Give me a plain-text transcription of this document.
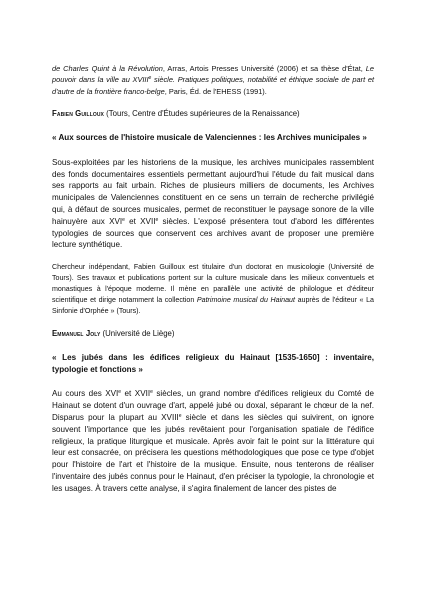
de Charles Quint à la Révolution, Arras, Artois Presses Université (2006) et sa thèse d'État, Le pouvoir dans la ville au XVIIIe siècle. Pratiques politiques, notabilité et éthique sociale de part et d'autre de la frontière franco-belge, Paris, Éd. de l'EHESS (1991).

Fabien Guilloux (Tours, Centre d'Études supérieures de la Renaissance)

« Aux sources de l'histoire musicale de Valenciennes : les Archives municipales »

Sous-exploitées par les historiens de la musique, les archives municipales rassemblent des fonds documentaires essentiels permettant aujourd'hui l'étude du fait musical dans ses rapports au fait urbain. Riches de plusieurs milliers de documents, les Archives municipales de Valenciennes constituent en ce sens un terrain de recherche privilégié qui, à défaut de sources musicales, permet de reconstituer le paysage sonore de la ville hainuyère aux XVIe et XVIIe siècles. L'exposé présentera tout d'abord les différentes typologies de sources que conservent ces archives avant de proposer une première lecture synthétique.

Chercheur indépendant, Fabien Guilloux est titulaire d'un doctorat en musicologie (Université de Tours). Ses travaux et publications portent sur la culture musicale dans les milieux conventuels et monastiques à l'époque moderne. Il mène en parallèle une activité de philologue et d'éditeur scientifique et dirige notamment la collection Patrimoine musical du Hainaut auprès de l'éditeur « La Sinfonie d'Orphée » (Tours).

Emmanuel Joly (Université de Liège)

« Les jubés dans les édifices religieux du Hainaut [1535-1650] : inventaire, typologie et fonctions »

Au cours des XVIe et XVIIe siècles, un grand nombre d'édifices religieux du Comté de Hainaut se dotent d'un ouvrage d'art, appelé jubé ou doxal, séparant le chœur de la nef. Disparus pour la plupart au XVIIIe siècle et dans les siècles qui suivirent, on ignore souvent l'importance que les jubés revêtaient pour l'organisation spatiale de l'édifice religieux, la pratique liturgique et musicale. Après avoir fait le point sur la littérature qui leur est consacrée, on précisera les questions méthodologiques que pose ce type d'objet pour l'histoire de l'art et l'histoire de la musique. Ensuite, nous tenterons de réaliser l'inventaire des jubés connus pour le Hainaut, d'en préciser la typologie, la chronologie et les usages. À travers cette analyse, il s'agira finalement de lancer des pistes de
